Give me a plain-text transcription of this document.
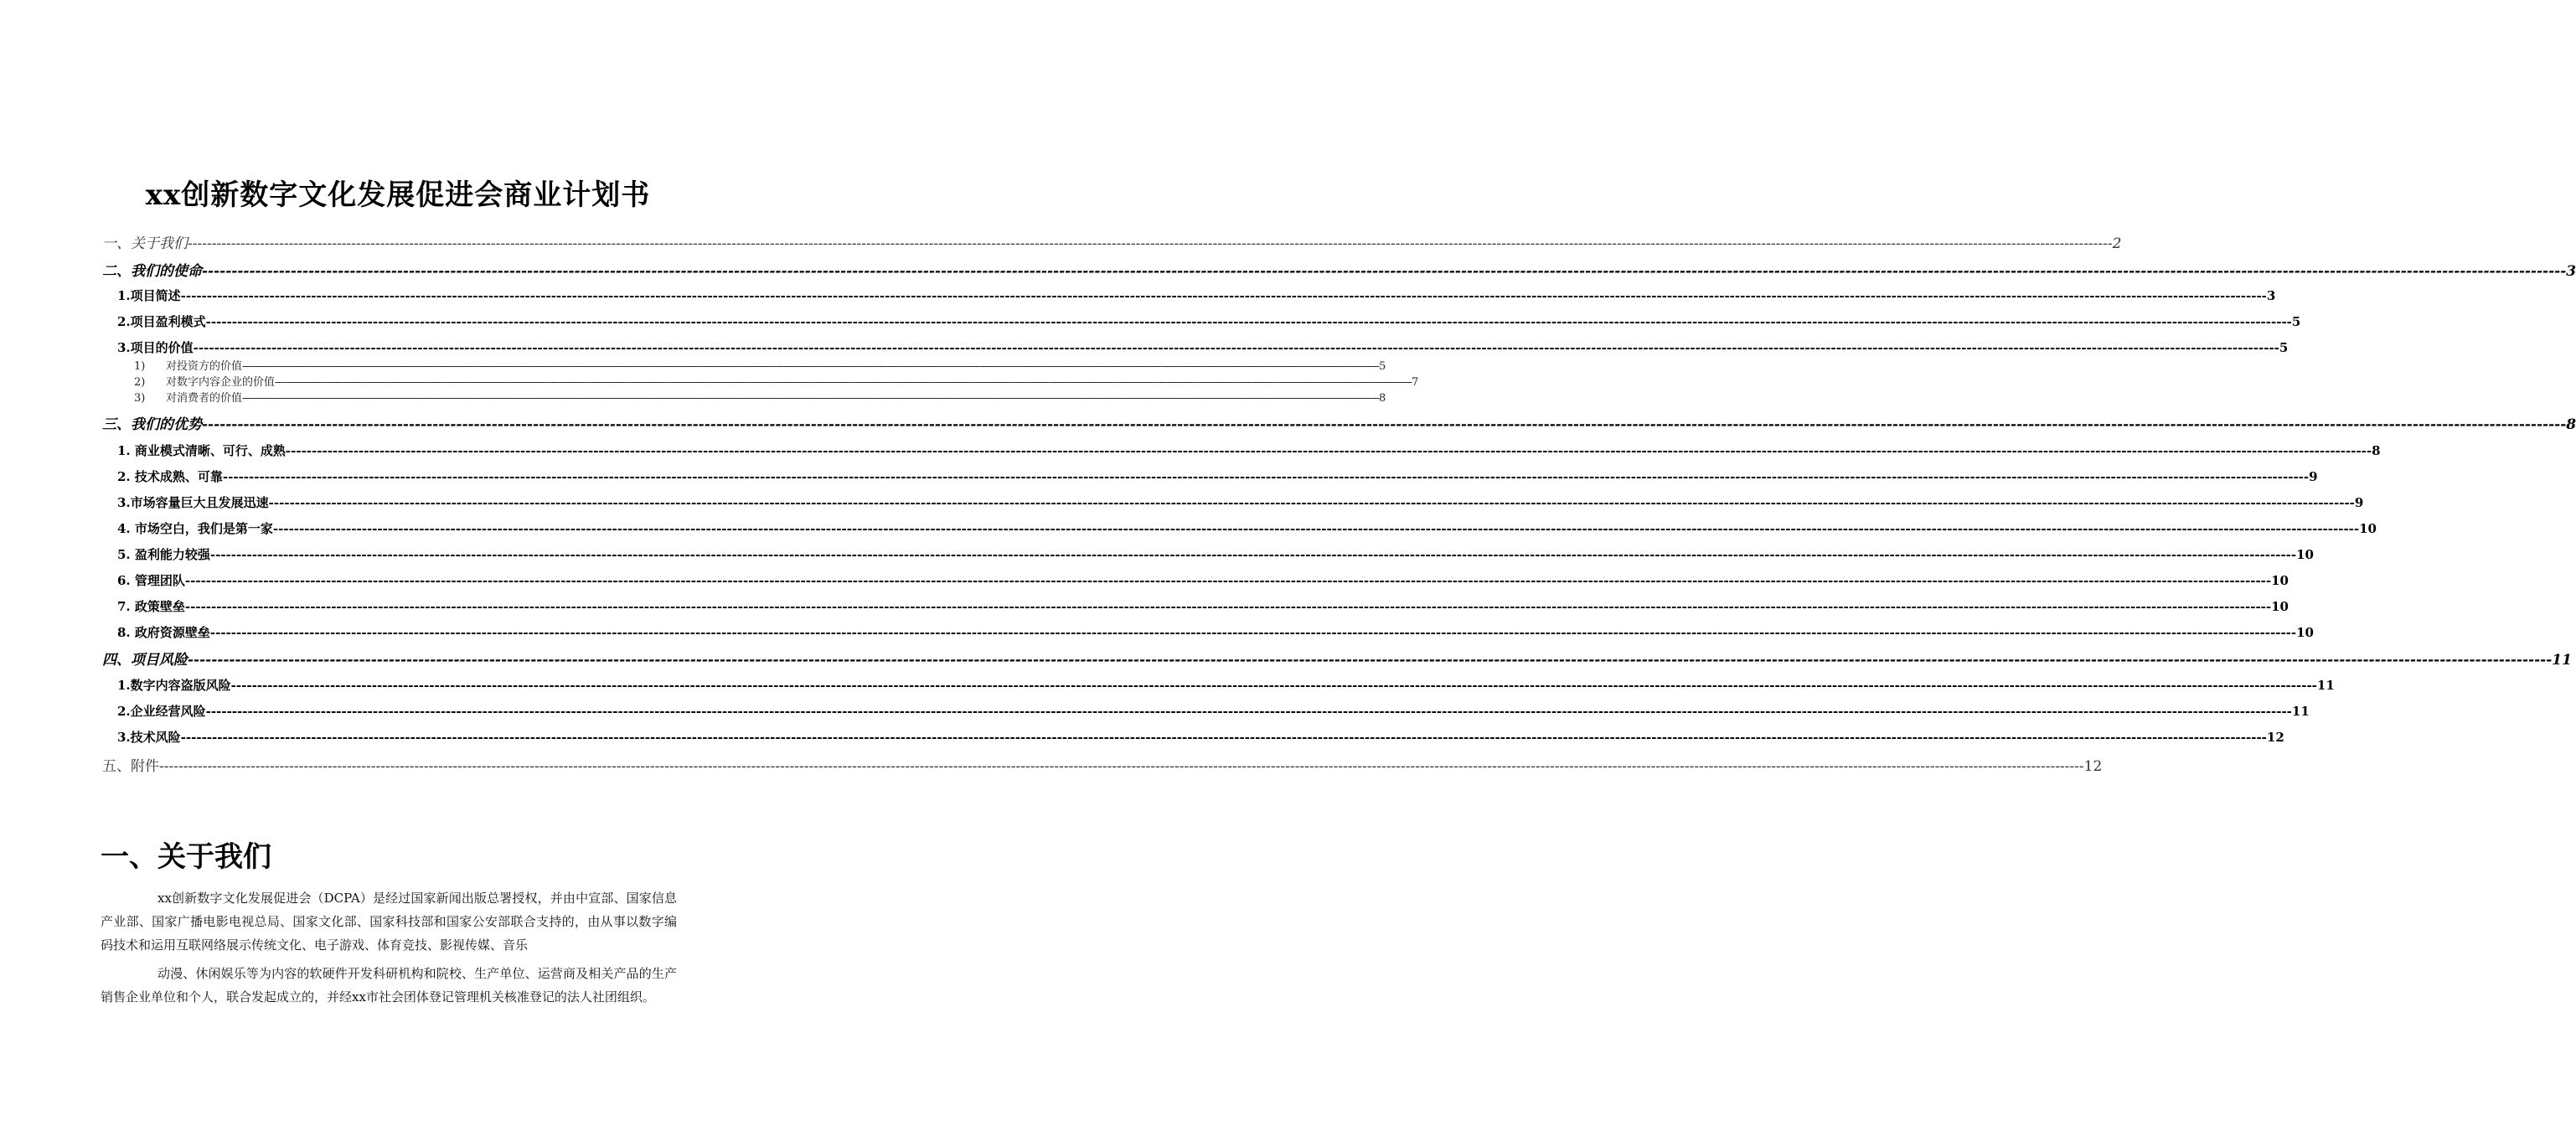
xx创新数字文化发展促进会商业计划书
一、关于我们 ---------------------------------------------------------------------------------------------------------------------------------------------------------------------------------------------------------------------------------------------------------------------------------------------------------------------------------------------------------------------------------------------------------------- 2
二、我们的使命 ---------------------------------------------------------------------------------------------------------------------------------------------------------------------------------------------------------------------------------------------------------------------------------------------------------------------------------------------------------------------------------------------------------------- 3
1.项目简述 ---------------------------------------------------------------------------------------------------------------------------------------------------------------------------------------------------------------------------------------------------------------------------------------------------------------------------------------------------------------------------------------------------------------- 3
2.项目盈利模式 ---------------------------------------------------------------------------------------------------------------------------------------------------------------------------------------------------------------------------------------------------------------------------------------------------------------------------------------------------------------------------------------------------------------- 5
3.项目的价值 ---------------------------------------------------------------------------------------------------------------------------------------------------------------------------------------------------------------------------------------------------------------------------------------------------------------------------------------------------------------------------------------------------------------- 5
1) 对投资方的价值 ---------------------------------------------------------------------------------------------------------------------------------------------------------------------------------------------------------------------------------------------------------------------------------------------------------------------------------------------------------------------------------------------------------------- 5
2) 对数字内容企业的价值 ---------------------------------------------------------------------------------------------------------------------------------------------------------------------------------------------------------------------------------------------------------------------------------------------------------------------------------------------------------------------------------------------------------------- 7
3) 对消费者的价值 ---------------------------------------------------------------------------------------------------------------------------------------------------------------------------------------------------------------------------------------------------------------------------------------------------------------------------------------------------------------------------------------------------------------- 8
三、我们的优势 ---------------------------------------------------------------------------------------------------------------------------------------------------------------------------------------------------------------------------------------------------------------------------------------------------------------------------------------------------------------------------------------------------------------- 8
1. 商业模式清晰、可行、成熟 ---------------------------------------------------------------------------------------------------------------------------------------------------------------------------------------------------------------------------------------------------------------------------------------------------------------------------------------------------------------------------------------------------------------- 8
2. 技术成熟、可靠 ---------------------------------------------------------------------------------------------------------------------------------------------------------------------------------------------------------------------------------------------------------------------------------------------------------------------------------------------------------------------------------------------------------------- 9
3.市场容量巨大且发展迅速 ---------------------------------------------------------------------------------------------------------------------------------------------------------------------------------------------------------------------------------------------------------------------------------------------------------------------------------------------------------------------------------------------------------------- 9
4. 市场空白，我们是第一家 ---------------------------------------------------------------------------------------------------------------------------------------------------------------------------------------------------------------------------------------------------------------------------------------------------------------------------------------------------------------------------------------------------------------- 10
5. 盈利能力较强 ---------------------------------------------------------------------------------------------------------------------------------------------------------------------------------------------------------------------------------------------------------------------------------------------------------------------------------------------------------------------------------------------------------------- 10
6. 管理团队 ---------------------------------------------------------------------------------------------------------------------------------------------------------------------------------------------------------------------------------------------------------------------------------------------------------------------------------------------------------------------------------------------------------------- 10
7. 政策壁垒 ---------------------------------------------------------------------------------------------------------------------------------------------------------------------------------------------------------------------------------------------------------------------------------------------------------------------------------------------------------------------------------------------------------------- 10
8. 政府资源壁垒 ---------------------------------------------------------------------------------------------------------------------------------------------------------------------------------------------------------------------------------------------------------------------------------------------------------------------------------------------------------------------------------------------------------------- 10
四、项目风险 ---------------------------------------------------------------------------------------------------------------------------------------------------------------------------------------------------------------------------------------------------------------------------------------------------------------------------------------------------------------------------------------------------------------- 11
1.数字内容盗版风险 ---------------------------------------------------------------------------------------------------------------------------------------------------------------------------------------------------------------------------------------------------------------------------------------------------------------------------------------------------------------------------------------------------------------- 11
2.企业经营风险 ---------------------------------------------------------------------------------------------------------------------------------------------------------------------------------------------------------------------------------------------------------------------------------------------------------------------------------------------------------------------------------------------------------------- 11
3.技术风险 ---------------------------------------------------------------------------------------------------------------------------------------------------------------------------------------------------------------------------------------------------------------------------------------------------------------------------------------------------------------------------------------------------------------- 12
五、附件 ---------------------------------------------------------------------------------------------------------------------------------------------------------------------------------------------------------------------------------------------------------------------------------------------------------------------------------------------------------------------------------------------------------------- 12
一、关于我们

xx创新数字文化发展促进会（DCPA）是经过国家新闻出版总署授权，并由中宣部、国家信息产业部、国家广播电影电视总局、国家文化部、国家科技部和国家公安部联合支持的，由从事以数字编码技术和运用互联网络展示传统文化、电子游戏、体育竞技、影视传媒、音乐

动漫、休闲娱乐等为内容的软硬件开发科研机构和院校、生产单位、运营商及相关产品的生产销售企业单位和个人，联合发起成立的，并经xx市社会团体登记管理机关核准登记的法人社团组织。
